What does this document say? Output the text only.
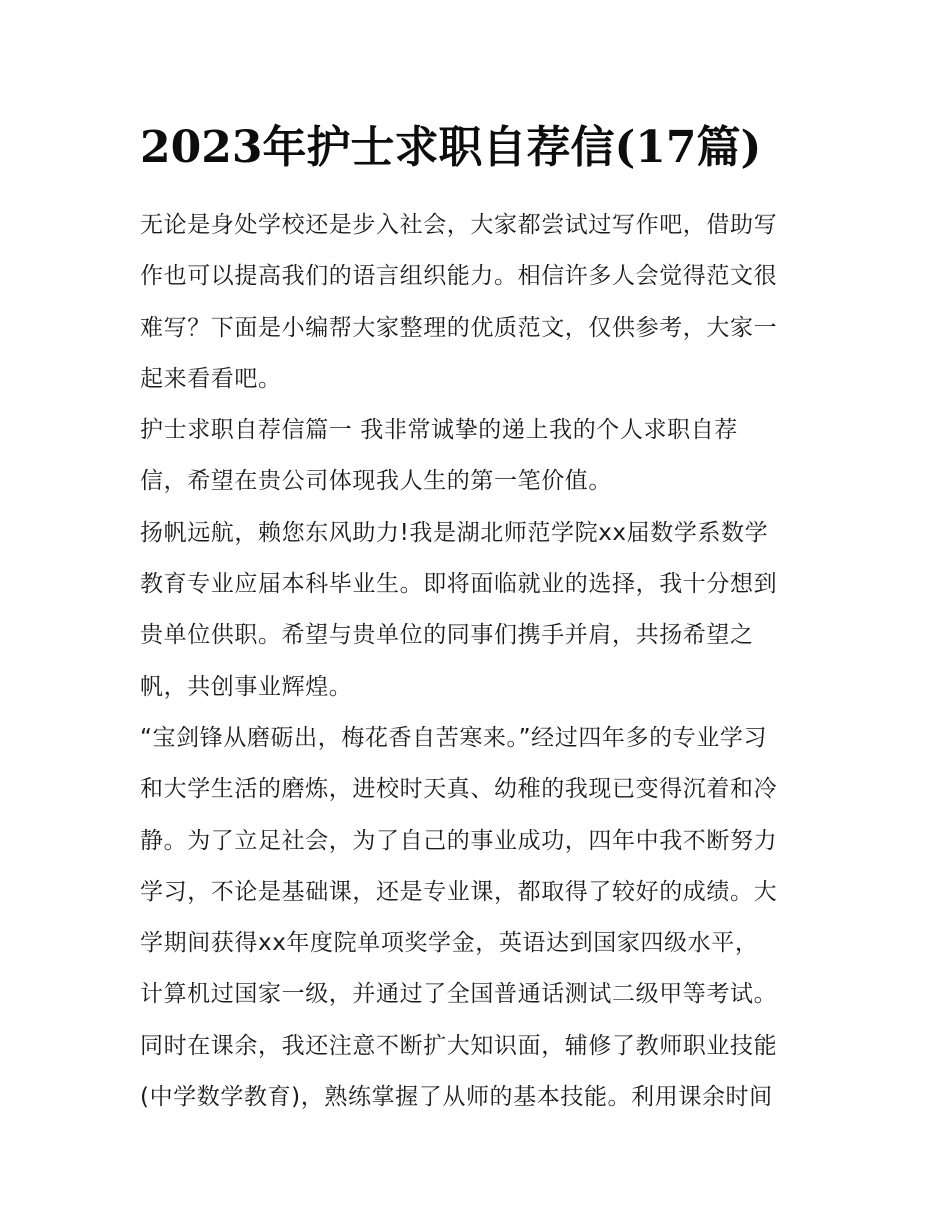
2023年护士求职自荐信(17篇)
无论是身处学校还是步入社会，大家都尝试过写作吧，借助写
作也可以提高我们的语言组织能力。相信许多人会觉得范文很
难写？下面是小编帮大家整理的优质范文，仅供参考，大家一
起来看看吧。
护士求职自荐信篇一 我非常诚挚的递上我的个人求职自荐
信，希望在贵公司体现我人生的第一笔价值。
扬帆远航，赖您东风助力!我是湖北师范学院xx届数学系数学
教育专业应届本科毕业生。即将面临就业的选择，我十分想到
贵单位供职。希望与贵单位的同事们携手并肩，共扬希望之
帆，共创事业辉煌。
“宝剑锋从磨砺出，梅花香自苦寒来。”经过四年多的专业学习
和大学生活的磨炼，进校时天真、幼稚的我现已变得沉着和冷
静。为了立足社会，为了自己的事业成功，四年中我不断努力
学习，不论是基础课，还是专业课，都取得了较好的成绩。大
学期间获得xx年度院单项奖学金，英语达到国家四级水平，
计算机过国家一级，并通过了全国普通话测试二级甲等考试。
同时在课余，我还注意不断扩大知识面，辅修了教师职业技能
(中学数学教育)，熟练掌握了从师的基本技能。利用课余时间
